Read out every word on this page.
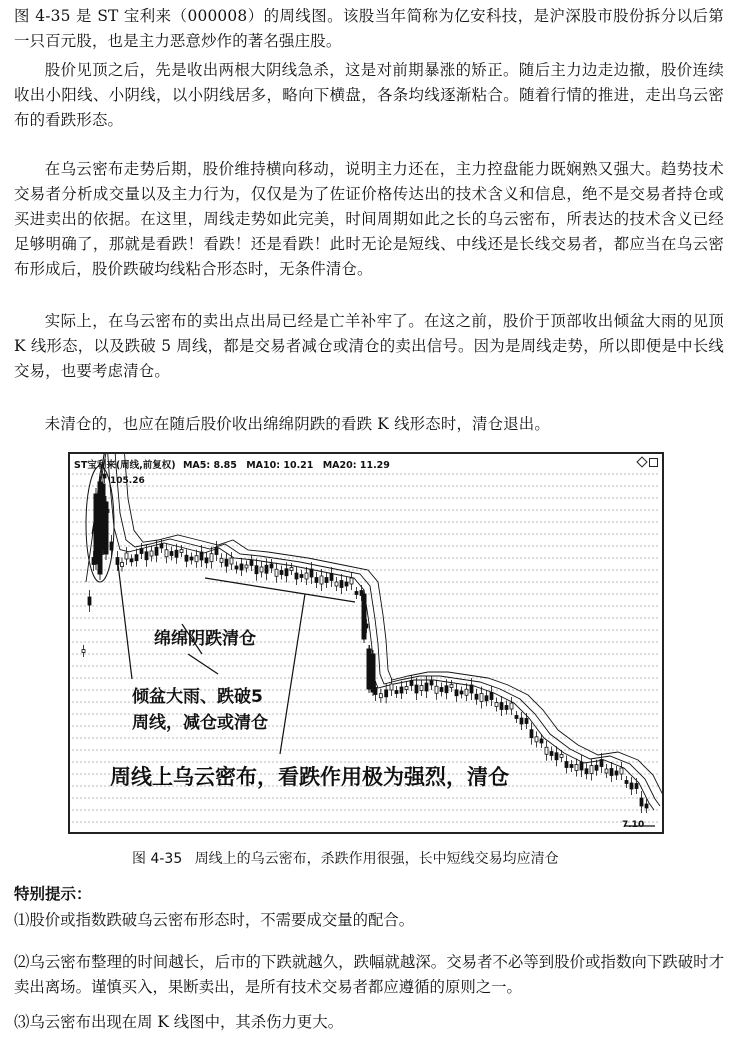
图 4-35 是 ST 宝利来（000008）的周线图。该股当年简称为亿安科技，是沪深股市股份拆分以后第一只百元股，也是主力恶意炒作的著名强庄股。

股价见顶之后，先是收出两根大阴线急杀，这是对前期暴涨的矫正。随后主力边走边撤，股价连续收出小阳线、小阴线，以小阴线居多，略向下横盘，各条均线逐渐粘合。随着行情的推进，走出乌云密布的看跌形态。

在乌云密布走势后期，股价维持横向移动，说明主力还在，主力控盘能力既娴熟又强大。趋势技术交易者分析成交量以及主力行为，仅仅是为了佐证价格传达出的技术含义和信息，绝不是交易者持仓或买进卖出的依据。在这里，周线走势如此完美，时间周期如此之长的乌云密布，所表达的技术含义已经足够明确了，那就是看跌！看跌！还是看跌！此时无论是短线、中线还是长线交易者，都应当在乌云密布形成后，股价跌破均线粘合形态时，无条件清仓。

实际上，在乌云密布的卖出点出局已经是亡羊补牢了。在这之前，股价于顶部收出倾盆大雨的见顶 K 线形态，以及跌破 5 周线，都是交易者减仓或清仓的卖出信号。因为是周线走势，所以即便是中长线交易，也要考虑清仓。

未清仓的，也应在随后股价收出绵绵阴跌的看跌 K 线形态时，清仓退出。

ST宝利来(周线,前复权) MA5: 8.85 MA10: 10.21 MA20: 11.29
105.26
7.10
绵绵阴跌清仓
倾盆大雨、跌破5
周线，减仓或清仓
周线上乌云密布，看跌作用极为强烈，清仓
图 4-35 周线上的乌云密布，杀跌作用很强，长中短线交易均应清仓
特别提示：

⑴股价或指数跌破乌云密布形态时，不需要成交量的配合。

⑵乌云密布整理的时间越长，后市的下跌就越久，跌幅就越深。交易者不必等到股价或指数向下跌破时才卖出离场。谨慎买入，果断卖出，是所有技术交易者都应遵循的原则之一。

⑶乌云密布出现在周 K 线图中，其杀伤力更大。
